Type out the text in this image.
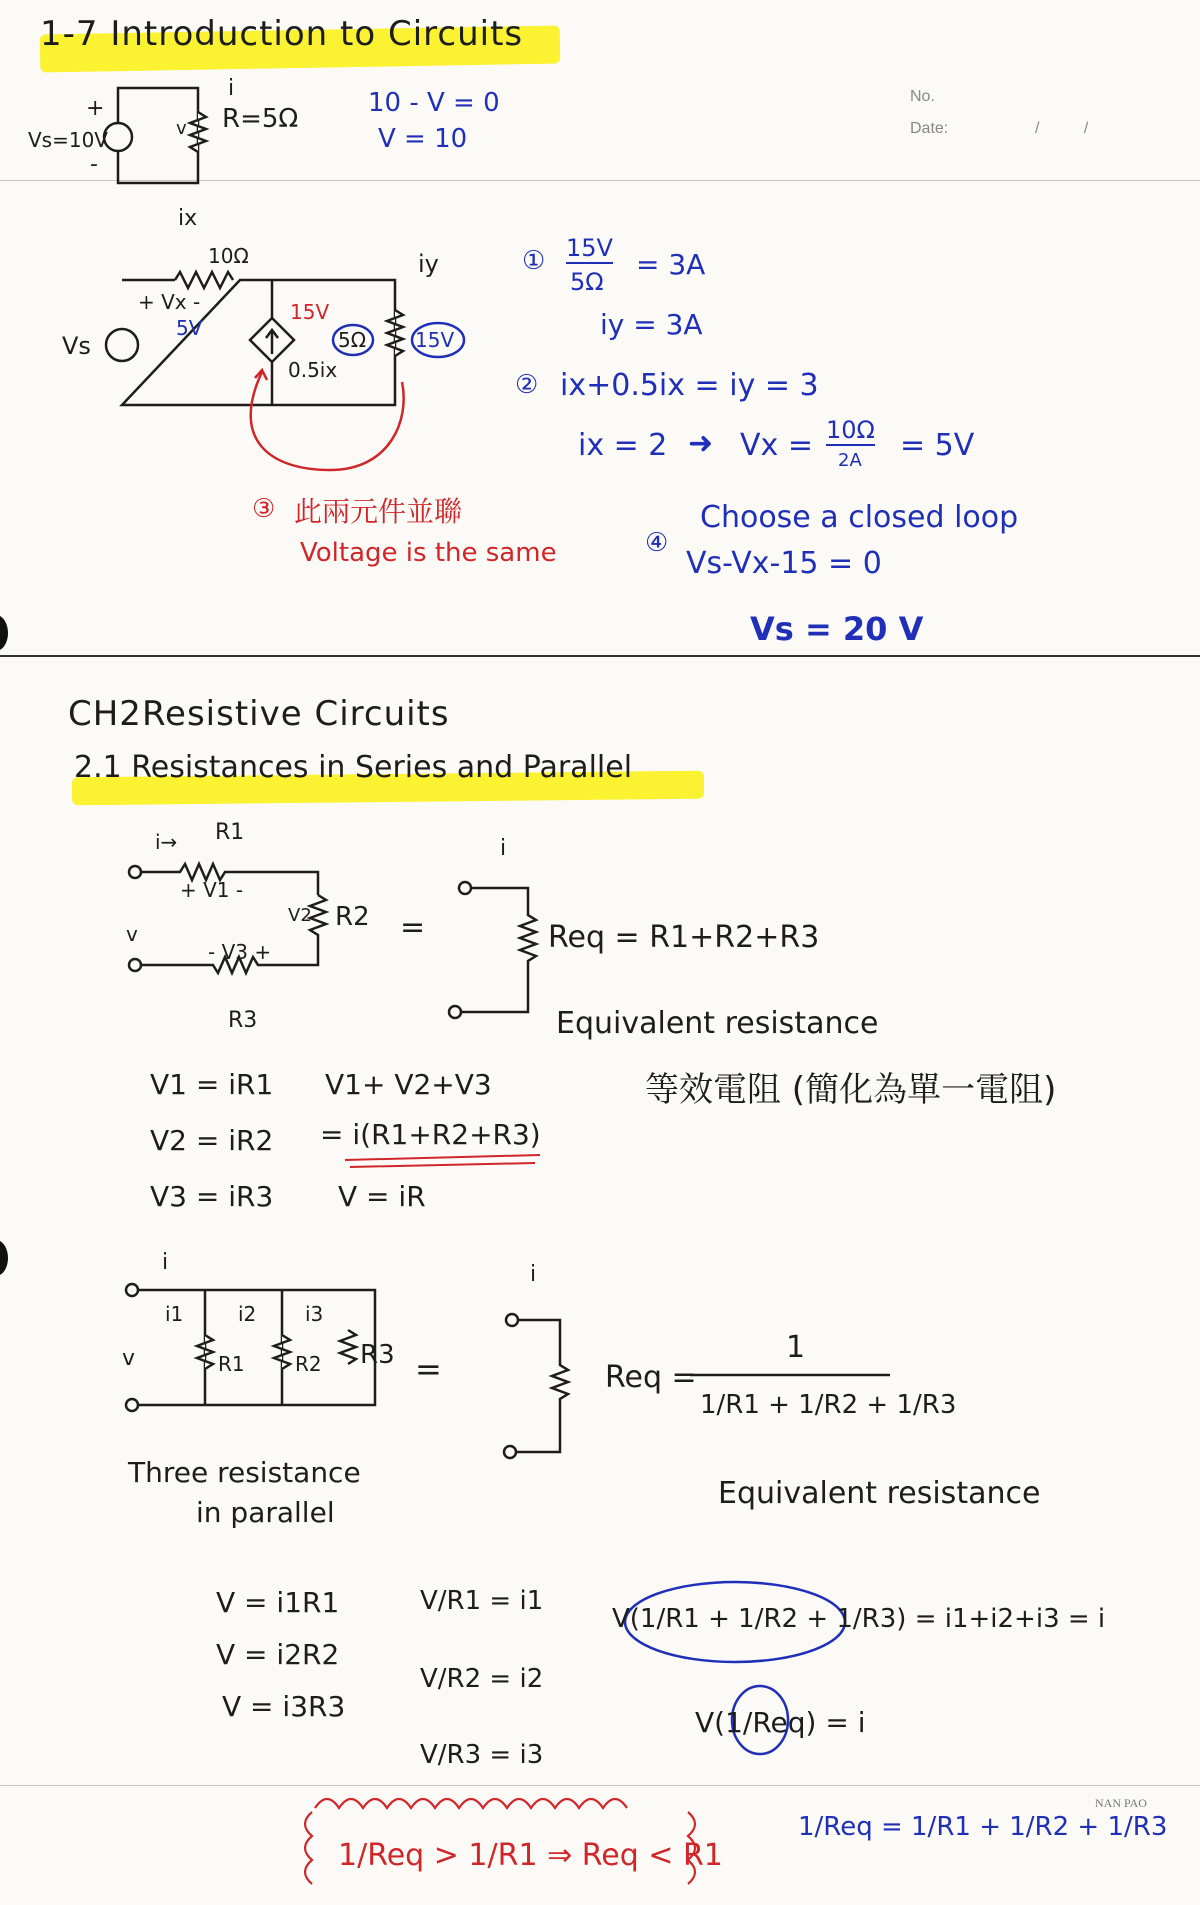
1-7 Introduction to Circuits
No.
Date:	/          /
Vs=10V
+
-
i
v R=5Ω
10 - V = 0
V = 10
ix
10Ω
+ Vx -
5V
Vs
15V
0.5ix
5Ω 15V
iy	① 15V
5Ω
= 3A
iy = 3A
② ix+0.5ix = iy = 3
ix = 2 ➜ Vx = 10Ω
2A = 5V
③ 此兩元件並聯
Voltage is the same	④
Choose a closed loop
Vs-Vx-15 = 0
Vs = 20 V
CH2Resistive Circuits
2.1 Resistances in Series and Parallel
i→ R1
+ V1 -
V2 R2
- V3 +
R3
v	=
i
Req = R1+R2+R3
Equivalent resistance
等效電阻 (簡化為單一電阻)
V1 = iR1
V2 = iR2
V3 = iR3
V1+ V2+V3
= i(R1+R2+R3)
V = iR
i
i1	i2 i3
R1	R2 R3
v	=
Three resistance
in parallel
i
Req =
1
1/R1 + 1/R2 + 1/R3
Equivalent resistance
V = i1R1
V = i2R2
V = i3R3
V/R1 = i1
V/R2 = i2
V/R3 = i3
V(1/R1 + 1/R2 + 1/R3) = i1+i2+i3 = i
V(1/Req) = i
1/Req = 1/R1 + 1/R2 + 1/R3
1/Req > 1/R1 ⇒ Req < R1
NAN PAO
